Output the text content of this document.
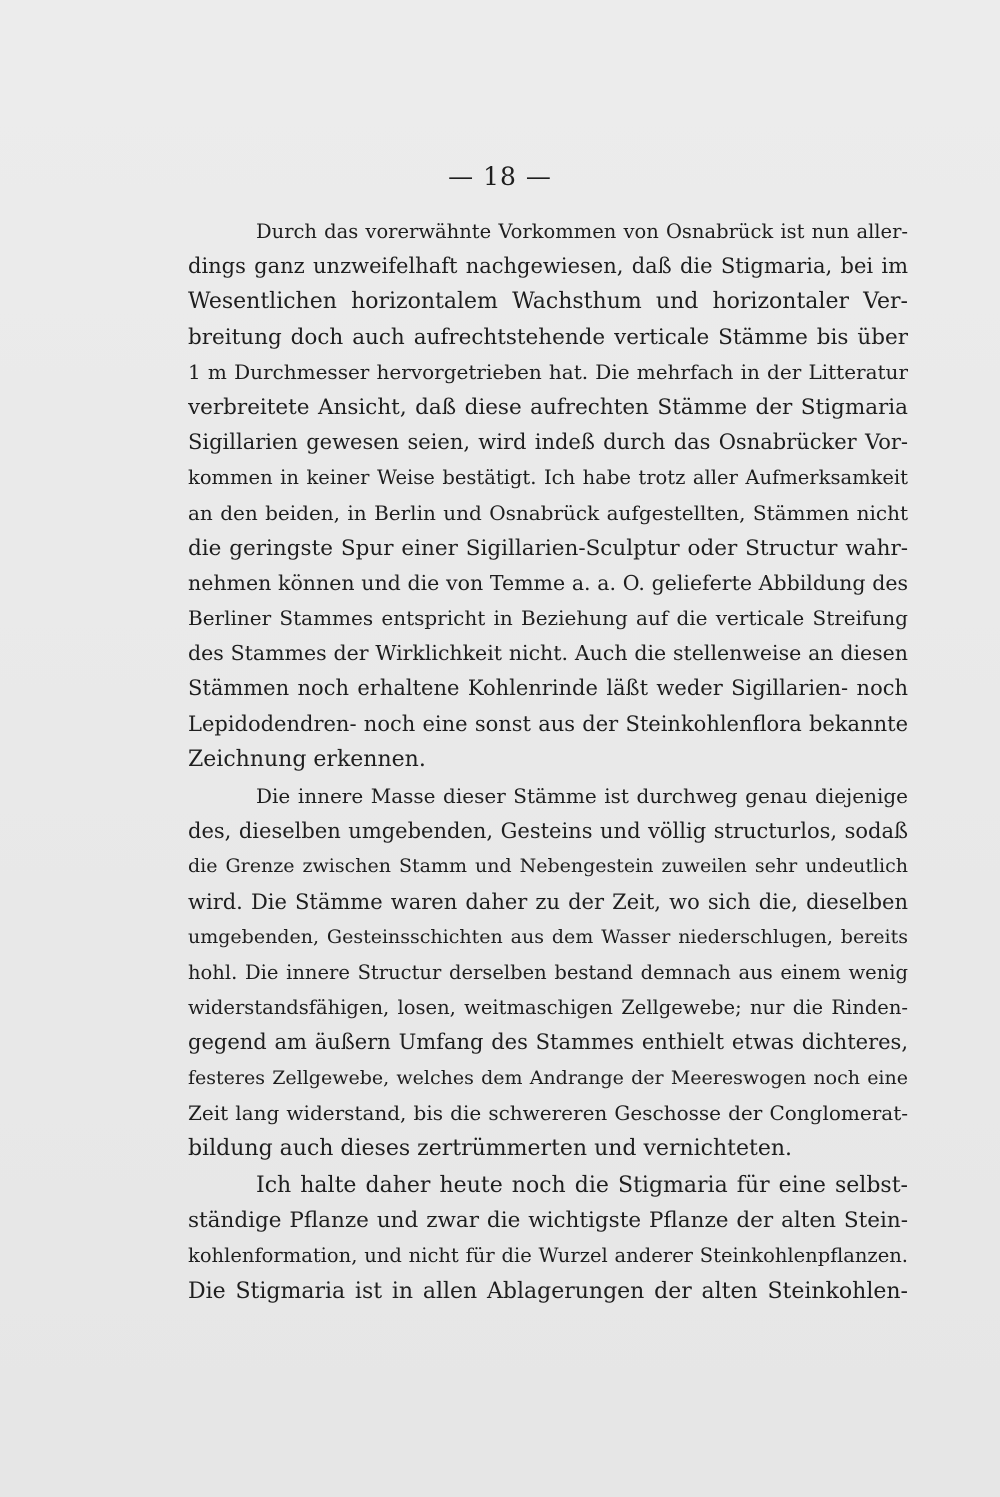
— 18 —
Durch das vorerwähnte Vorkommen von Osnabrück ist nun aller-
dings ganz unzweifelhaft nachgewiesen, daß die Stigmaria, bei im
Wesentlichen horizontalem Wachsthum und horizontaler Ver-
breitung doch auch aufrechtstehende verticale Stämme bis über
1 m Durchmesser hervorgetrieben hat. Die mehrfach in der Litteratur
verbreitete Ansicht, daß diese aufrechten Stämme der Stigmaria
Sigillarien gewesen seien, wird indeß durch das Osnabrücker Vor-
kommen in keiner Weise bestätigt. Ich habe trotz aller Aufmerksamkeit
an den beiden, in Berlin und Osnabrück aufgestellten, Stämmen nicht
die geringste Spur einer Sigillarien-Sculptur oder Structur wahr-
nehmen können und die von Temme a. a. O. gelieferte Abbildung des
Berliner Stammes entspricht in Beziehung auf die verticale Streifung
des Stammes der Wirklichkeit nicht. Auch die stellenweise an diesen
Stämmen noch erhaltene Kohlenrinde läßt weder Sigillarien- noch
Lepidodendren- noch eine sonst aus der Steinkohlenflora bekannte
Zeichnung erkennen.
Die innere Masse dieser Stämme ist durchweg genau diejenige
des, dieselben umgebenden, Gesteins und völlig structurlos, sodaß
die Grenze zwischen Stamm und Nebengestein zuweilen sehr undeutlich
wird. Die Stämme waren daher zu der Zeit, wo sich die, dieselben
umgebenden, Gesteinsschichten aus dem Wasser niederschlugen, bereits
hohl. Die innere Structur derselben bestand demnach aus einem wenig
widerstandsfähigen, losen, weitmaschigen Zellgewebe; nur die Rinden-
gegend am äußern Umfang des Stammes enthielt etwas dichteres,
festeres Zellgewebe, welches dem Andrange der Meereswogen noch eine
Zeit lang widerstand, bis die schwereren Geschosse der Conglomerat-
bildung auch dieses zertrümmerten und vernichteten.
Ich halte daher heute noch die Stigmaria für eine selbst-
ständige Pflanze und zwar die wichtigste Pflanze der alten Stein-
kohlenformation, und nicht für die Wurzel anderer Steinkohlenpflanzen.
Die Stigmaria ist in allen Ablagerungen der alten Steinkohlen-
